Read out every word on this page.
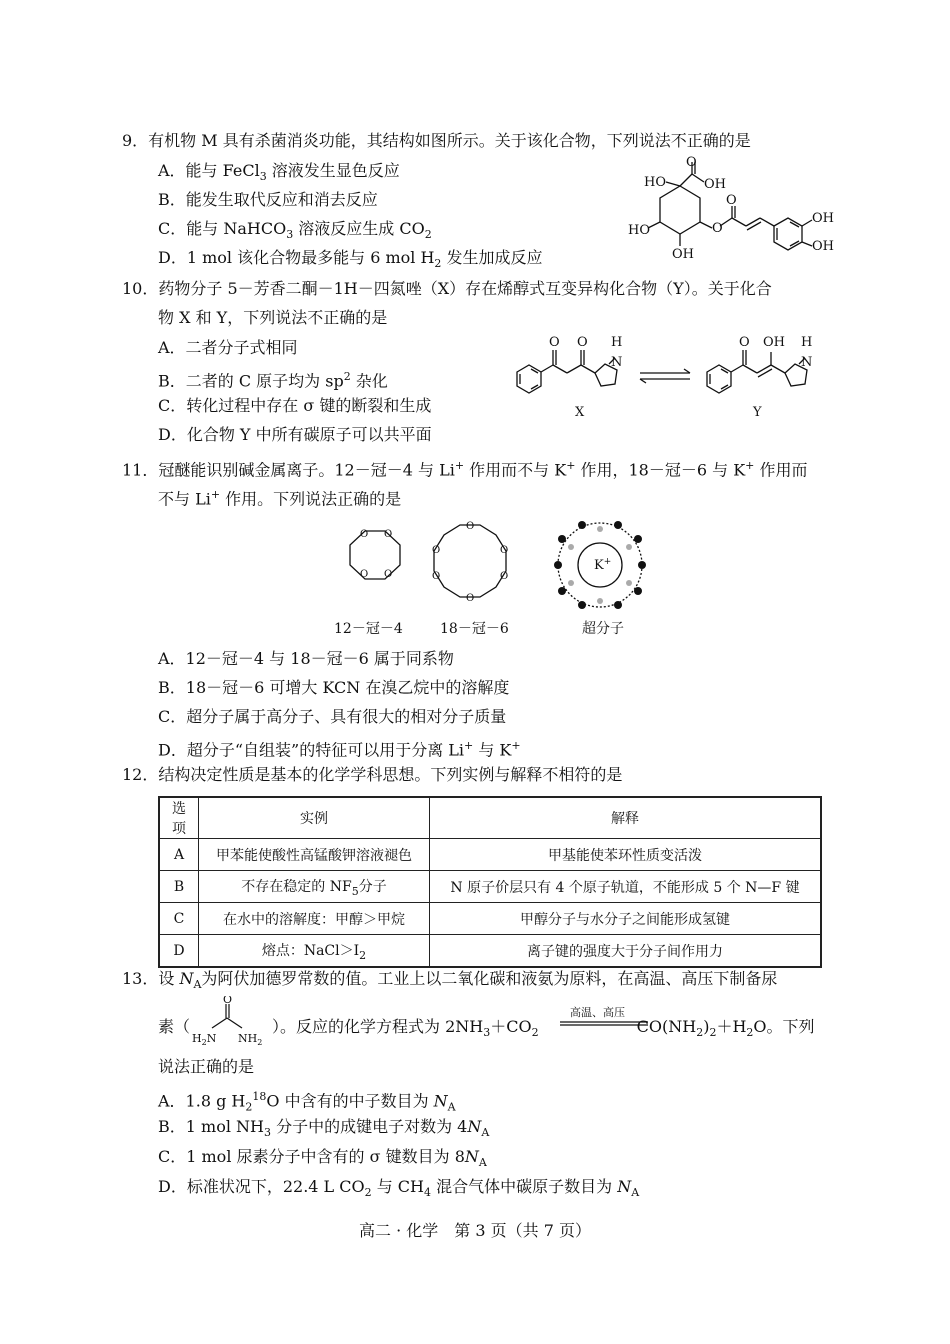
9．有机物 M 具有杀菌消炎功能，其结构如图所示。关于该化合物，下列说法不正确的是
A．能与 FeCl$_3$ 溶液发生显色反应
B．能发生取代反应和消去反应
C．能与 NaHCO$_3$ 溶液反应生成 $CO_2$
D．1 mol 该化合物最多能与 6 mol $H_2$ 发生加成反应
O
HO	OH
HO
OH
O
O
OH
OH
10．药物分子 5－芳香二酮－1H－四氮唑（X）存在烯醇式互变异构化合物（Y）。关于化合
物 X 和 Y，下列说法不正确的是
A．二者分子式相同
B．二者的 C 原子均为 $sp^2$ 杂化
C．转化过程中存在 σ 键的断裂和生成
D．化合物 Y 中所有碳原子可以共平面
O O H
N
O OH H
N
X	Y
11．冠醚能识别碱金属离子。12－冠－4 与 Li+ 作用而不与 K+ 作用，18－冠－6 与 K+ 作用而
不与 Li+ 作用。下列说法正确的是
O O
O O
O
O
O
O
O
O
K+
12－冠－4	18－冠－6	超分子
A．12－冠－4 与 18－冠－6 属于同系物
B．18－冠－6 可增大 KCN 在溴乙烷中的溶解度
C．超分子属于高分子、具有很大的相对分子质量
D．超分子“自组装”的特征可以用于分离 Li+ 与 K+
12．结构决定性质是基本的化学学科思想。下列实例与解释不相符的是
选项	实例	解释
A	甲苯能使酸性高锰酸钾溶液褪色	甲基能使苯环性质变活泼
B	不存在稳定的 $NF_5$分子	N 原子价层只有 4 个原子轨道，不能形成 5 个 N—F 键
C	在水中的溶解度：甲醇＞甲烷	甲醇分子与水分子之间能形成氢键
D	熔点：$NaCl>I_2$	离子键的强度大于分子间作用力
13．设 $N_A$为阿伏加德罗常数的值。工业上以二氧化碳和液氨为原料，在高温、高压下制备尿
素（	）。反应的化学方程式为 $2NH_3+CO_2$	$CO(NH_2)_2+H_2O$。下列
O
$H_2N$ $NH_2$
高温、高压
说法正确的是
A．1.8 g $H_2^{18}O$ 中含有的中子数目为 $N_A$
B．1 mol $NH_3$ 分子中的成键电子对数为 $4N_A$
C．1 mol 尿素分子中含有的 σ 键数目为 $8N_A$
D．标准状况下，22.4 L $CO_2$ 与 $CH_4$ 混合气体中碳原子数目为 $N_A$
高二 · 化学　第 3 页（共 7 页）
